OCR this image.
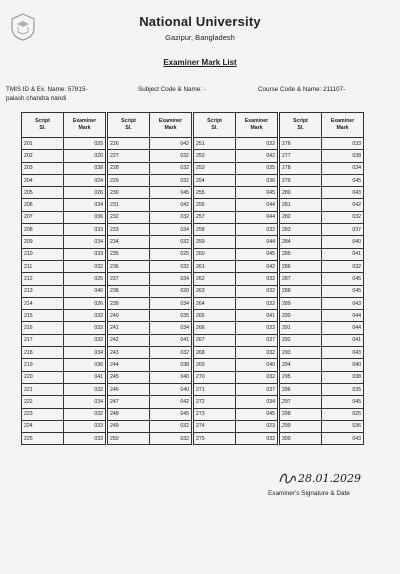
National University
Gazipur, Bangladesh
Examiner Mark List
TMIS ID & Ex. Name: 57815-
palash chandra nandi
Subject Code & Name: -	Course Code & Name: 211107-
Script
Sl.	Examiner
Mark
201	025
202	020
203	038
204	024
205	026
206	034
207	036
208	033
209	034
210	033
211	032
212	025
213	040
214	026
215	032
216	033
217	032
218	034
219	036
220	041
221	032
222	034
223	032
224	033
225	033
Script
Sl.	Examiner
Mark
226	042
227	032
228	032
229	032
230	045
231	042
232	032
233	034
234	032
235	025
236	032
237	034
238	020
239	034
240	035
241	034
242	041
243	032
244	038
245	040
246	040
247	042
248	045
249	032
250	032
Script
Sl.	Examiner
Mark
251	032
252	042
253	035
254	036
255	045
256	044
257	044
258	032
259	044
260	045
261	042
262	032
263	032
264	032
265	041
266	033
267	037
268	032
269	040
270	032
271	037
272	034
273	045
274	023
275	032
Script
Sl.	Examiner
Mark
276	033
277	038
278	034
279	045
280	043
281	042
282	032
283	037
284	040
285	041
286	032
287	045
288	045
289	043
290	044
291	044
292	041
293	043
294	040
295	038
296	035
297	045
298	025
299	036
300	043
28.01.2029
Examiner's Signature & Date
